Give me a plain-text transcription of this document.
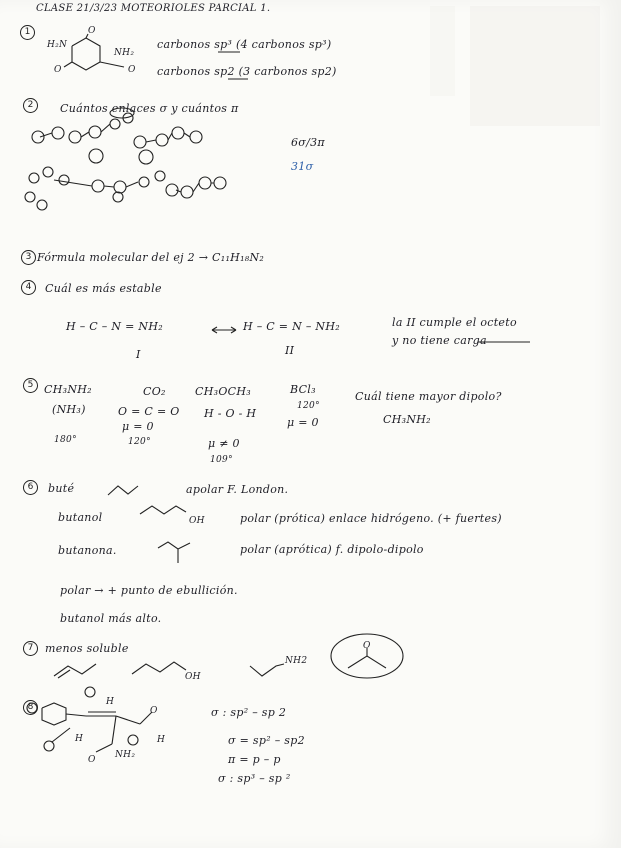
CLASE 21/3/23 MOTEORIOLES PARCIAL 1.
1
H₂N
O
NH₂
O	O
carbonos sp³ (4 carbonos sp³)
carbonos sp2 (3 carbonos sp2)
2	Cuántos enlaces σ y cuántos π
6σ/3π
31σ
3 Fórmula molecular del ej 2 → C₁₁H₁₈N₂
4	Cuál es más estable
H – C – N = NH₂	H – C = N – NH₂
I	II
la II cumple el octeto
y no tiene carga
5 CH₃NH₂	CO₂	CH₃OCH₃	BCl₃
(NH₃)	O = C = O
μ = 0
120°
H - O - H
μ ≠ 0
109°
120°
μ = 0
180°
Cuál tiene mayor dipolo?
CH₃NH₂
6	buté	apolar F. London.
butanol	OH	polar (prótica) enlace hidrógeno. (+ fuertes)
butanona.	polar (aprótica) f. dipolo-dipolo
polar → + punto de ebullición.
butanol más alto.
7	menos soluble
OH
NH2
O
8	H
H
O
NH₂
H
O
σ : sp² – sp 2
σ = sp² – sp2
π = p – p
σ : sp³ – sp ²
